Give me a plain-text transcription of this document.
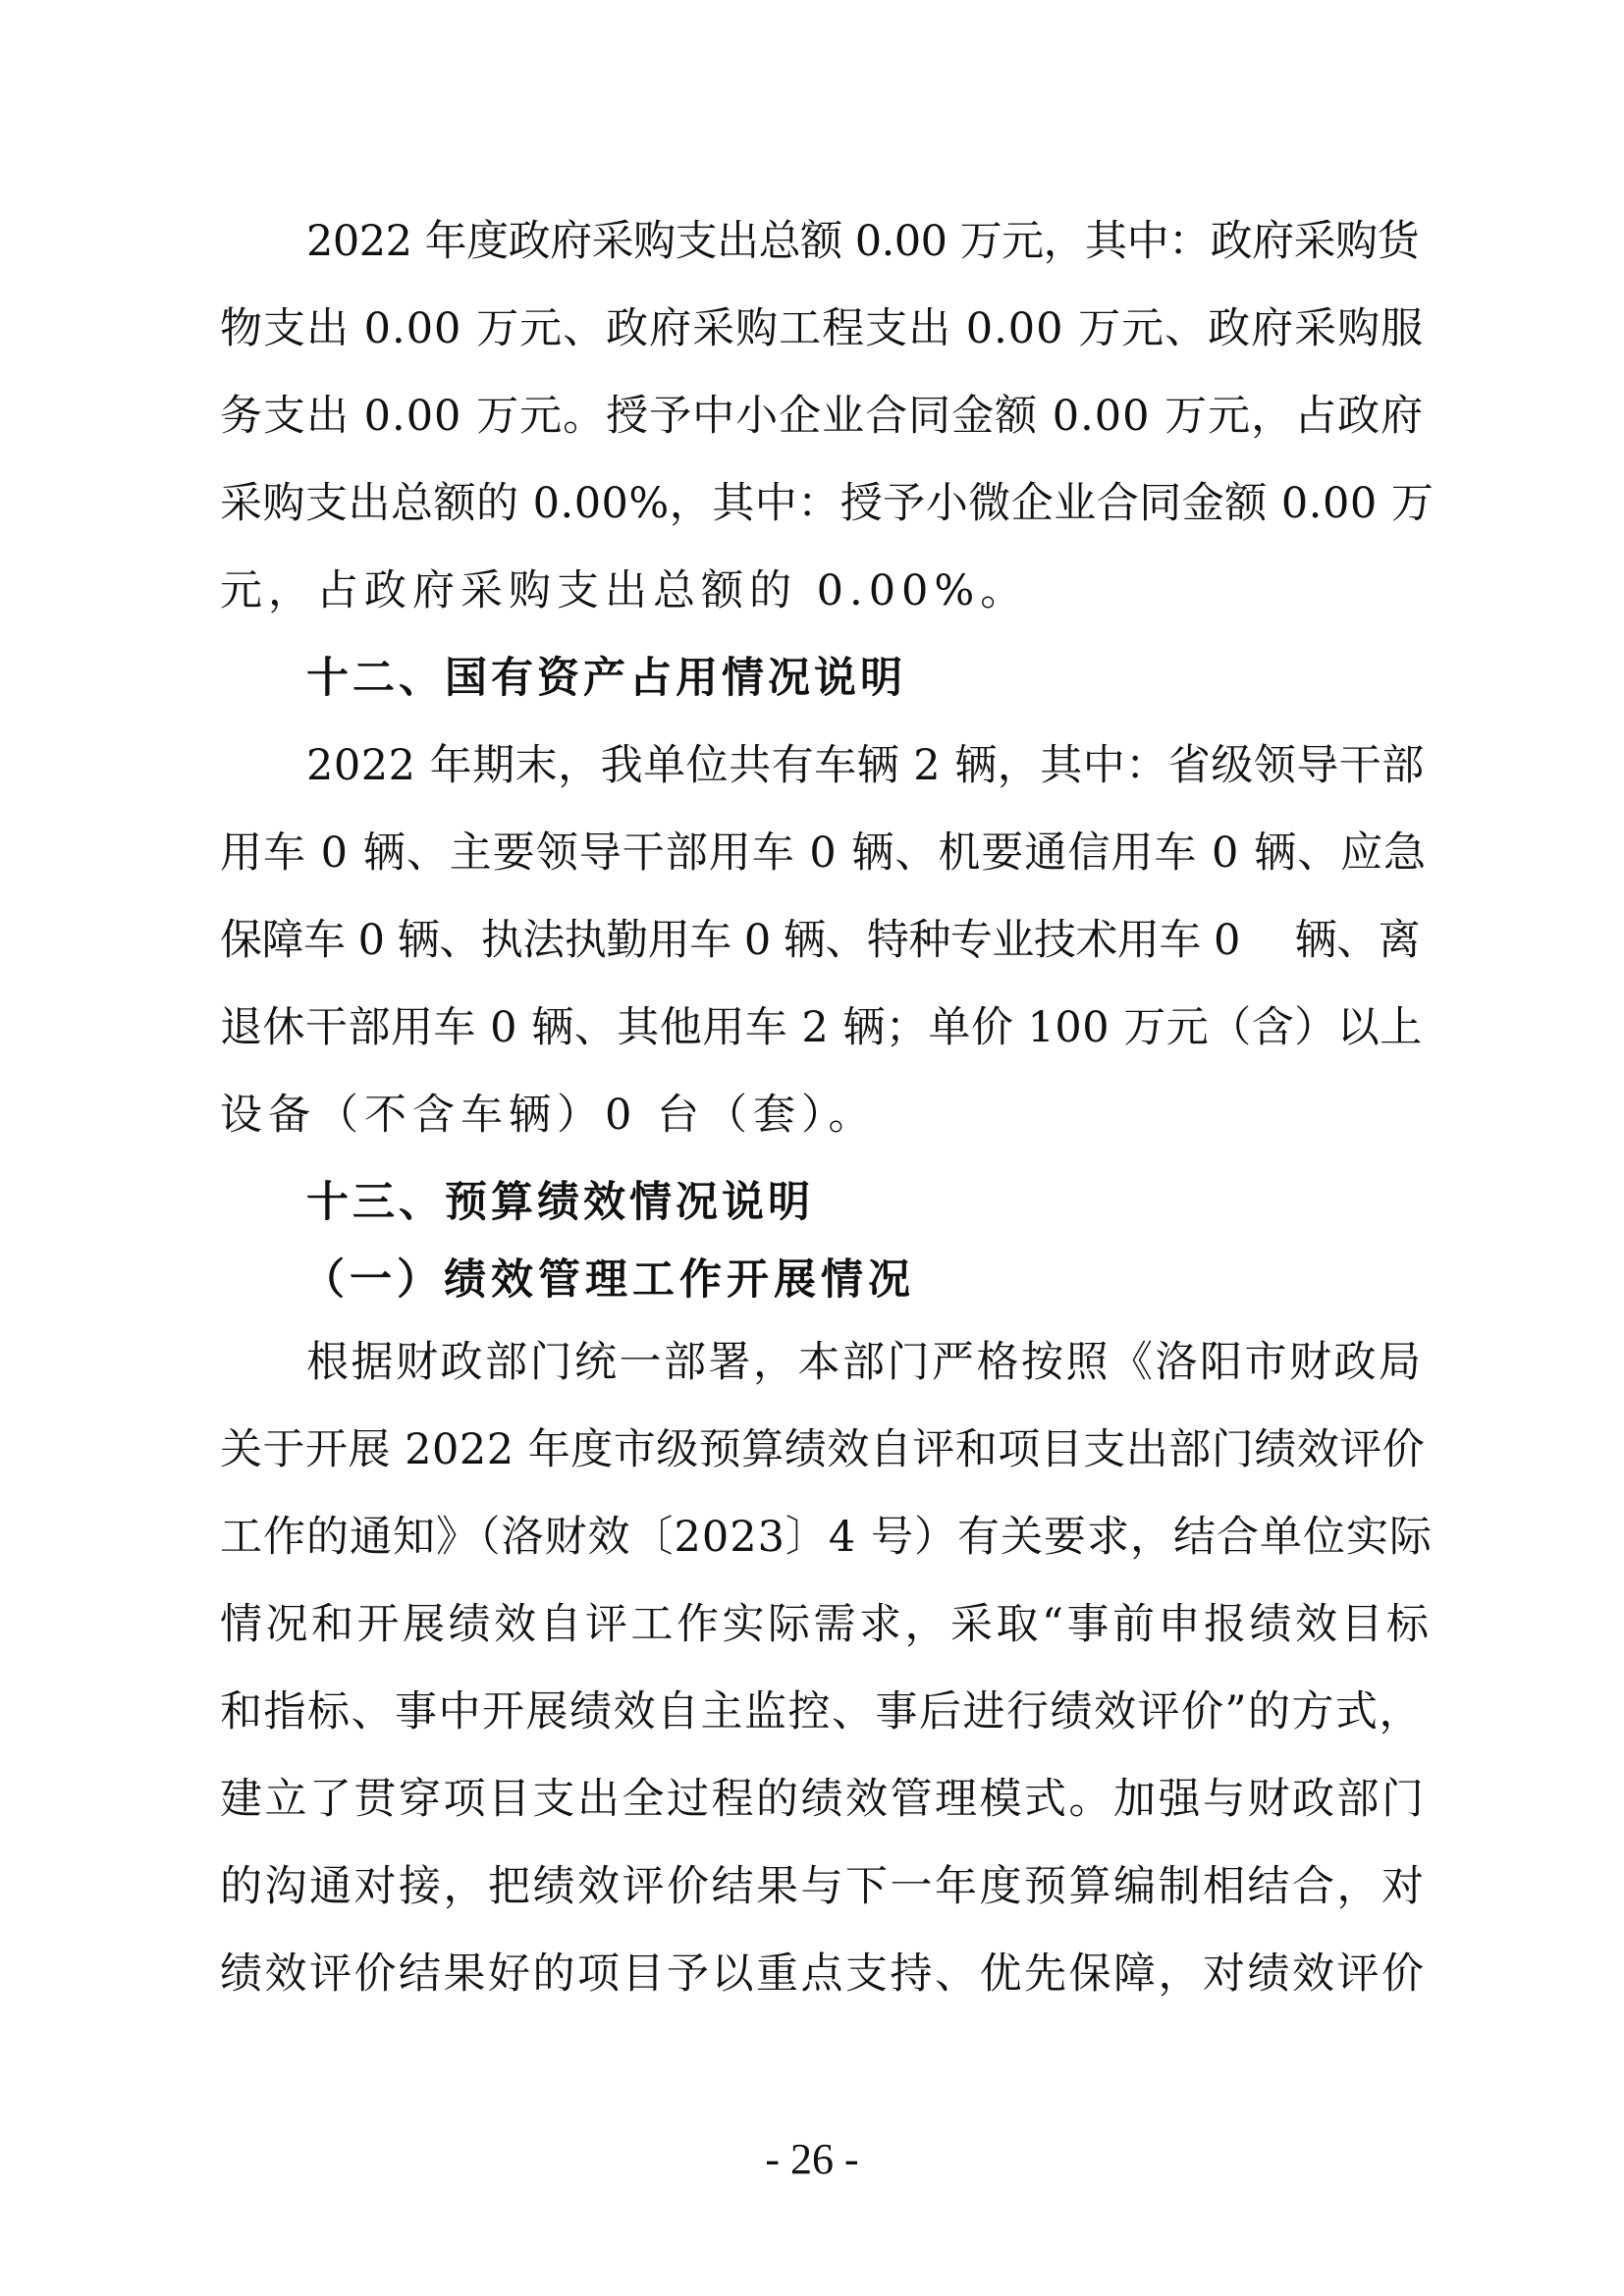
2022 年度政府采购支出总额 0.00 万元，其中：政府采购货
物支出 0.00 万元、政府采购工程支出 0.00 万元、政府采购服
务支出 0.00 万元。授予中小企业合同金额 0.00 万元，占政府
采购支出总额的 0.00%，其中：授予小微企业合同金额 0.00 万
元，占政府采购支出总额的 0.00%。
十二、国有资产占用情况说明
2022 年期末，我单位共有车辆 2 辆，其中：省级领导干部
用车 0 辆、主要领导干部用车 0 辆、机要通信用车 0 辆、应急
保障车 0 辆、执法执勤用车 0 辆、特种专业技术用车 0　 辆、离
退休干部用车 0 辆、其他用车 2 辆；单价 100 万元（含）以上
设备（不含车辆）0 台（套）。
十三、预算绩效情况说明
（一）绩效管理工作开展情况
根据财政部门统一部署，本部门严格按照《洛阳市财政局
关于开展 2022 年度市级预算绩效自评和项目支出部门绩效评价
工作的通知》（洛财效〔2023〕4 号）有关要求，结合单位实际
情况和开展绩效自评工作实际需求，采取“事前申报绩效目标
和指标、事中开展绩效自主监控、事后进行绩效评价”的方式，
建立了贯穿项目支出全过程的绩效管理模式。加强与财政部门
的沟通对接，把绩效评价结果与下一年度预算编制相结合，对
绩效评价结果好的项目予以重点支持、优先保障，对绩效评价
- 26 -
